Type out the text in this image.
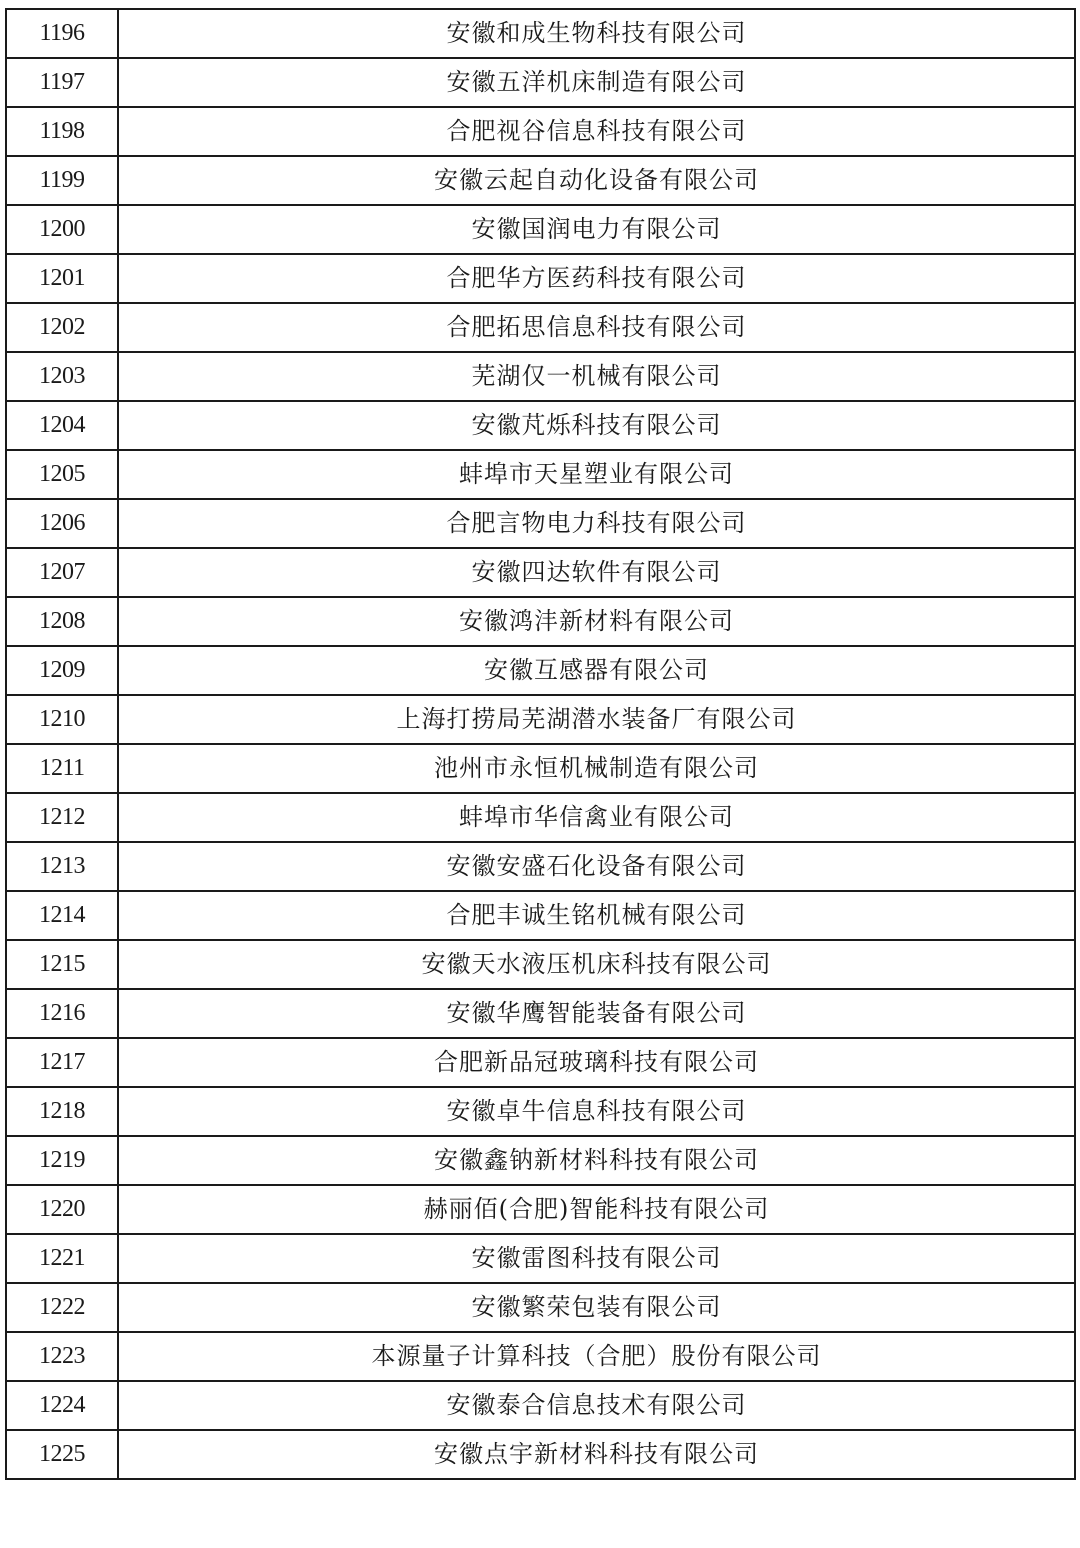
1196	安徽和成生物科技有限公司
1197	安徽五洋机床制造有限公司
1198	合肥视谷信息科技有限公司
1199	安徽云起自动化设备有限公司
1200	安徽国润电力有限公司
1201	合肥华方医药科技有限公司
1202	合肥拓思信息科技有限公司
1203	芜湖仅一机械有限公司
1204	安徽芃烁科技有限公司
1205	蚌埠市天星塑业有限公司
1206	合肥言物电力科技有限公司
1207	安徽四达软件有限公司
1208	安徽鸿沣新材料有限公司
1209	安徽互感器有限公司
1210	上海打捞局芜湖潜水装备厂有限公司
1211	池州市永恒机械制造有限公司
1212	蚌埠市华信禽业有限公司
1213	安徽安盛石化设备有限公司
1214	合肥丰诚生铭机械有限公司
1215	安徽天水液压机床科技有限公司
1216	安徽华鹰智能装备有限公司
1217	合肥新品冠玻璃科技有限公司
1218	安徽卓牛信息科技有限公司
1219	安徽鑫钠新材料科技有限公司
1220	赫丽佰(合肥)智能科技有限公司
1221	安徽雷图科技有限公司
1222	安徽繁荣包装有限公司
1223	本源量子计算科技（合肥）股份有限公司
1224	安徽泰合信息技术有限公司
1225	安徽点宇新材料科技有限公司
